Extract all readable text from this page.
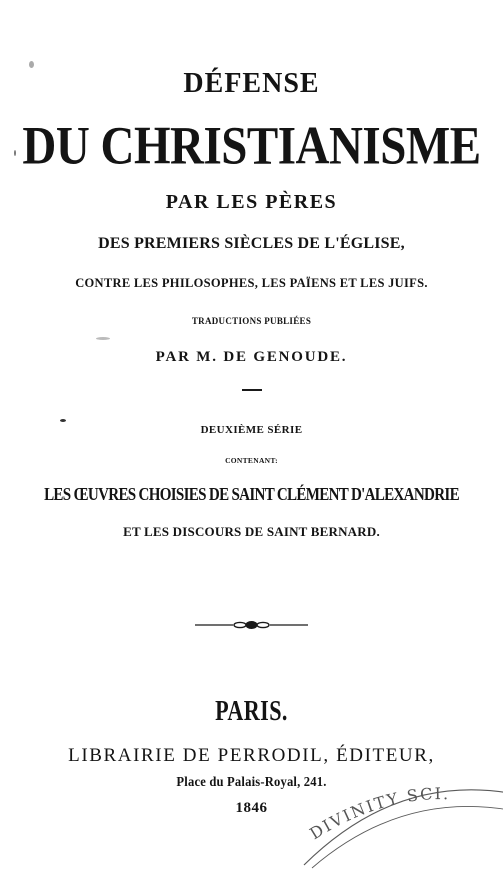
DÉFENSE
DU CHRISTIANISME
PAR LES PÈRES
DES PREMIERS SIÈCLES DE L'ÉGLISE,
CONTRE LES PHILOSOPHES, LES PAÏENS ET LES JUIFS.
TRADUCTIONS PUBLIÉES
PAR M. DE GENOUDE.
DEUXIÈME SÉRIE
CONTENANT:
LES ŒUVRES CHOISIES DE SAINT CLÉMENT D'ALEXANDRIE
ET LES DISCOURS DE SAINT BERNARD.
PARIS.
LIBRAIRIE DE PERRODIL, ÉDITEUR,
Place du Palais-Royal, 241.
1846
DIVINITY SCI.
